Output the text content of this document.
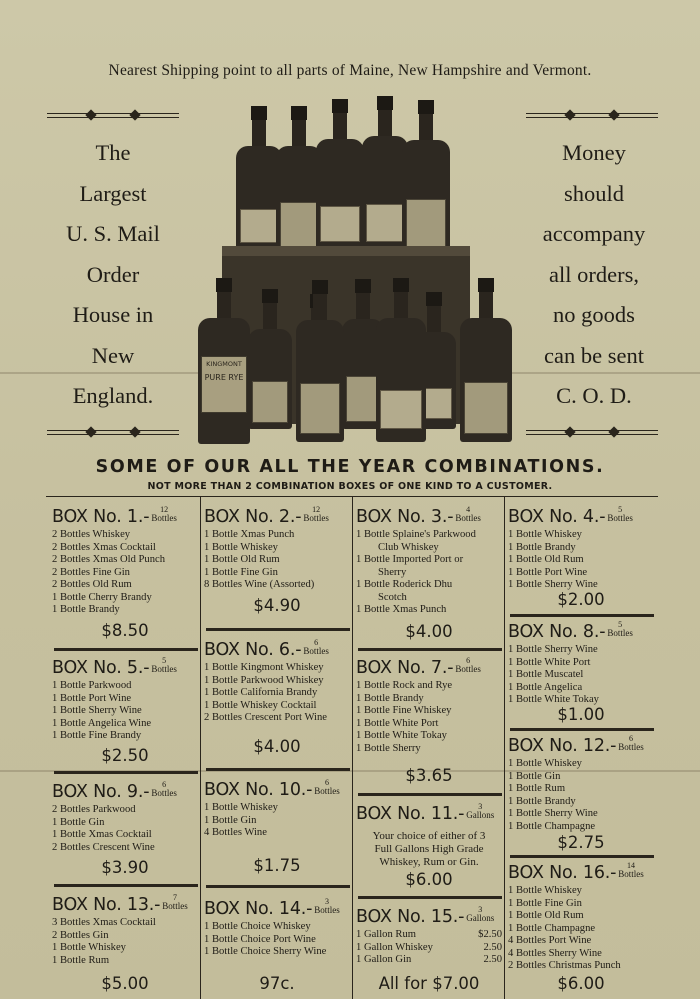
Nearest Shipping point to all parts of Maine, New Hampshire and Vermont.
The
Largest
U. S. Mail
Order
House in
New
England.
Money
should
accompany
all orders,
no goods
can be sent
C. O. D.
KINGMONT
PURE RYE
SOME OF OUR ALL THE YEAR COMBINATIONS.
NOT MORE THAN 2 COMBINATION BOXES OF ONE KIND TO A CUSTOMER.
BOX No. 1.-	12
Bottles
2 Bottles Whiskey
2 Bottles Xmas Cocktail
2 Bottles Xmas Old Punch
2 Bottles Fine Gin
2 Bottles Old Rum
1 Bottle Cherry Brandy
1 Bottle Brandy
$8.50
BOX No. 2.-	12
Bottles
1 Bottle Xmas Punch
1 Bottle Whiskey
1 Bottle Old Rum
1 Bottle Fine Gin
8 Bottles Wine (Assorted)
$4.90
BOX No. 3.-	4
Bottles
1 Bottle Splaine's Parkwood
Club Whiskey
1 Bottle Imported Port or
Sherry
1 Bottle Roderick Dhu
Scotch
1 Bottle Xmas Punch
$4.00
BOX No. 4.-	5
Bottles
1 Bottle Whiskey
1 Bottle Brandy
1 Bottle Old Rum
1 Bottle Port Wine
1 Bottle Sherry Wine
$2.00
BOX No. 5.-	5
Bottles
1 Bottle Parkwood
1 Bottle Port Wine
1 Bottle Sherry Wine
1 Bottle Angelica Wine
1 Bottle Fine Brandy
$2.50
BOX No. 6.-	6
Bottles
1 Bottle Kingmont Whiskey
1 Bottle Parkwood Whiskey
1 Bottle California Brandy
1 Bottle Whiskey Cocktail
2 Bottles Crescent Port Wine
$4.00
BOX No. 7.-	6
Bottles
1 Bottle Rock and Rye
1 Bottle Brandy
1 Bottle Fine Whiskey
1 Bottle White Port
1 Bottle White Tokay
1 Bottle Sherry
$3.65
BOX No. 8.-	5
Bottles
1 Bottle Sherry Wine
1 Bottle White Port
1 Bottle Muscatel
1 Bottle Angelica
1 Bottle White Tokay
$1.00
BOX No. 9.-	6
Bottles
2 Bottles Parkwood
1 Bottle Gin
1 Bottle Xmas Cocktail
2 Bottles Crescent Wine
$3.90
BOX No. 10.-	6
Bottles
1 Bottle Whiskey
1 Bottle Gin
4 Bottles Wine
$1.75
BOX No. 11.-	3
Gallons
Your choice of either of 3
Full Gallons High Grade
Whiskey, Rum or Gin.
$6.00
BOX No. 12.-	6
Bottles
1 Bottle Whiskey
1 Bottle Gin
1 Bottle Rum
1 Bottle Brandy
1 Bottle Sherry Wine
1 Bottle Champagne
$2.75
BOX No. 13.-	7
Bottles
3 Bottles Xmas Cocktail
2 Bottles Gin
1 Bottle Whiskey
1 Bottle Rum
$5.00
BOX No. 14.-	3
Bottles
1 Bottle Choice Whiskey
1 Bottle Choice Port Wine
1 Bottle Choice Sherry Wine
97c.
BOX No. 15.-	3
Gallons
1 Gallon Rum	$2.50
1 Gallon Whiskey	2.50
1 Gallon Gin	2.50
All for $7.00
BOX No. 16.-	14
Bottles
1 Bottle Whiskey
1 Bottle Fine Gin
1 Bottle Old Rum
1 Bottle Champagne
4 Bottles Port Wine
4 Bottles Sherry Wine
2 Bottles Christmas Punch
$6.00
